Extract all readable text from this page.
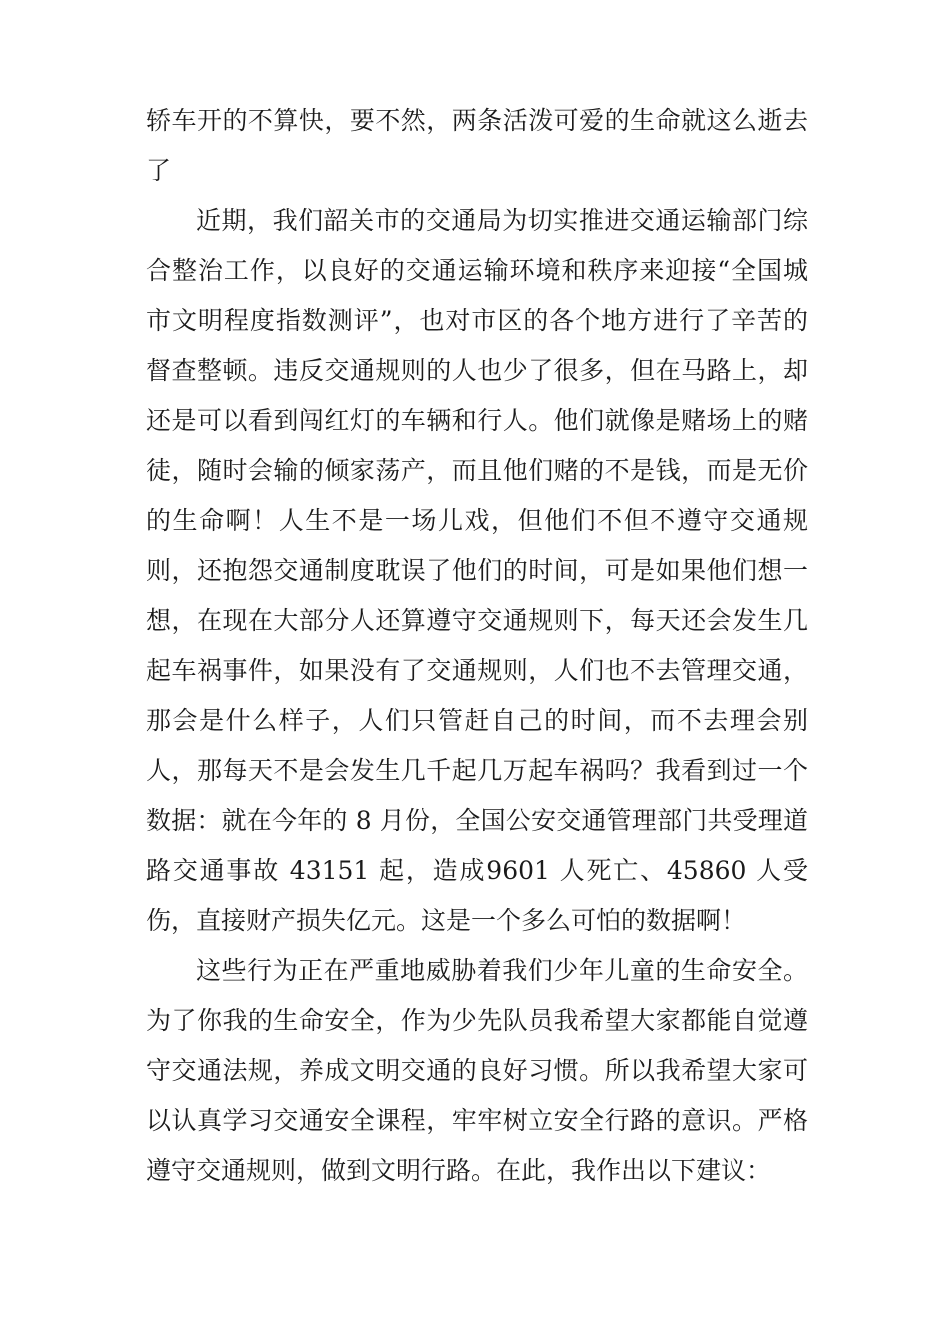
轿车开的不算快，要不然，两条活泼可爱的生命就这么逝去了

近期，我们韶关市的交通局为切实推进交通运输部门综合整治工作，以良好的交通运输环境和秩序来迎接“全国城市文明程度指数测评”，也对市区的各个地方进行了辛苦的督查整顿。违反交通规则的人也少了很多，但在马路上，却还是可以看到闯红灯的车辆和行人。他们就像是赌场上的赌徒，随时会输的倾家荡产，而且他们赌的不是钱，而是无价的生命啊！人生不是一场儿戏，但他们不但不遵守交通规则，还抱怨交通制度耽误了他们的时间，可是如果他们想一想，在现在大部分人还算遵守交通规则下，每天还会发生几起车祸事件，如果没有了交通规则，人们也不去管理交通，那会是什么样子，人们只管赶自己的时间，而不去理会别人，那每天不是会发生几千起几万起车祸吗？我看到过一个数据：就在今年的 8 月份，全国公安交通管理部门共受理道路交通事故 43151 起，造成9601 人死亡、45860 人受伤，直接财产损失亿元。这是一个多么可怕的数据啊！

这些行为正在严重地威胁着我们少年儿童的生命安全。为了你我的生命安全，作为少先队员我希望大家都能自觉遵守交通法规，养成文明交通的良好习惯。所以我希望大家可以认真学习交通安全课程，牢牢树立安全行路的意识。严格遵守交通规则，做到文明行路。在此，我作出以下建议：
